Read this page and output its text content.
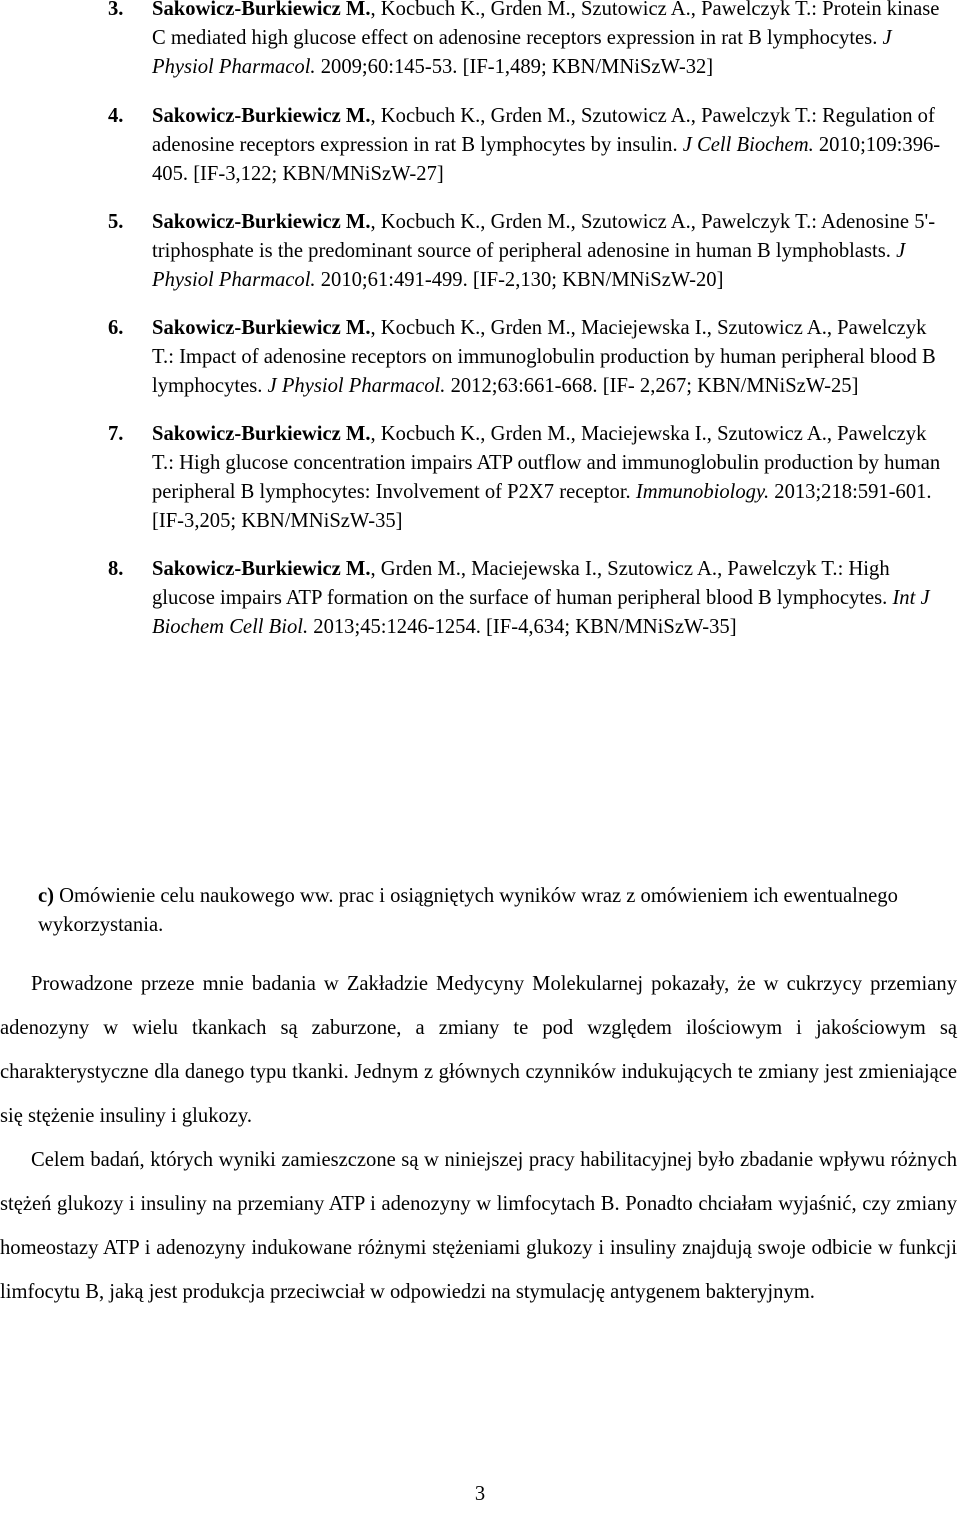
3. Sakowicz-Burkiewicz M., Kocbuch K., Grden M., Szutowicz A., Pawelczyk T.: Protein kinase C mediated high glucose effect on adenosine receptors expression in rat B lymphocytes. J Physiol Pharmacol. 2009;60:145-53. [IF-1,489; KBN/MNiSzW-32]
4. Sakowicz-Burkiewicz M., Kocbuch K., Grden M., Szutowicz A., Pawelczyk T.: Regulation of adenosine receptors expression in rat B lymphocytes by insulin. J Cell Biochem. 2010;109:396-405. [IF-3,122; KBN/MNiSzW-27]
5. Sakowicz-Burkiewicz M., Kocbuch K., Grden M., Szutowicz A., Pawelczyk T.: Adenosine 5'-triphosphate is the predominant source of peripheral adenosine in human B lymphoblasts. J Physiol Pharmacol. 2010;61:491-499. [IF-2,130; KBN/MNiSzW-20]
6. Sakowicz-Burkiewicz M., Kocbuch K., Grden M., Maciejewska I., Szutowicz A., Pawelczyk T.: Impact of adenosine receptors on immunoglobulin production by human peripheral blood B lymphocytes. J Physiol Pharmacol. 2012;63:661-668. [IF- 2,267; KBN/MNiSzW-25]
7. Sakowicz-Burkiewicz M., Kocbuch K., Grden M., Maciejewska I., Szutowicz A., Pawelczyk T.: High glucose concentration impairs ATP outflow and immunoglobulin production by human peripheral B lymphocytes: Involvement of P2X7 receptor. Immunobiology. 2013;218:591-601. [IF-3,205; KBN/MNiSzW-35]
8. Sakowicz-Burkiewicz M., Grden M., Maciejewska I., Szutowicz A., Pawelczyk T.: High glucose impairs ATP formation on the surface of human peripheral blood B lymphocytes. Int J Biochem Cell Biol. 2013;45:1246-1254. [IF-4,634; KBN/MNiSzW-35]

c) Omówienie celu naukowego ww. prac i osiągniętych wyników wraz z omówieniem ich ewentualnego wykorzystania.

Prowadzone przeze mnie badania w Zakładzie Medycyny Molekularnej pokazały, że w cukrzycy przemiany adenozyny w wielu tkankach są zaburzone, a zmiany te pod względem ilościowym i jakościowym są charakterystyczne dla danego typu tkanki. Jednym z głównych czynników indukujących te zmiany jest zmieniające się stężenie insuliny i glukozy.

Celem badań, których wyniki zamieszczone są w niniejszej pracy habilitacyjnej było zbadanie wpływu różnych stężeń glukozy i insuliny na przemiany ATP i adenozyny w limfocytach B. Ponadto chciałam wyjaśnić, czy zmiany homeostazy ATP i adenozyny indukowane różnymi stężeniami glukozy i insuliny znajdują swoje odbicie w funkcji limfocytu B, jaką jest produkcja przeciwciał w odpowiedzi na stymulację antygenem bakteryjnym.

3
